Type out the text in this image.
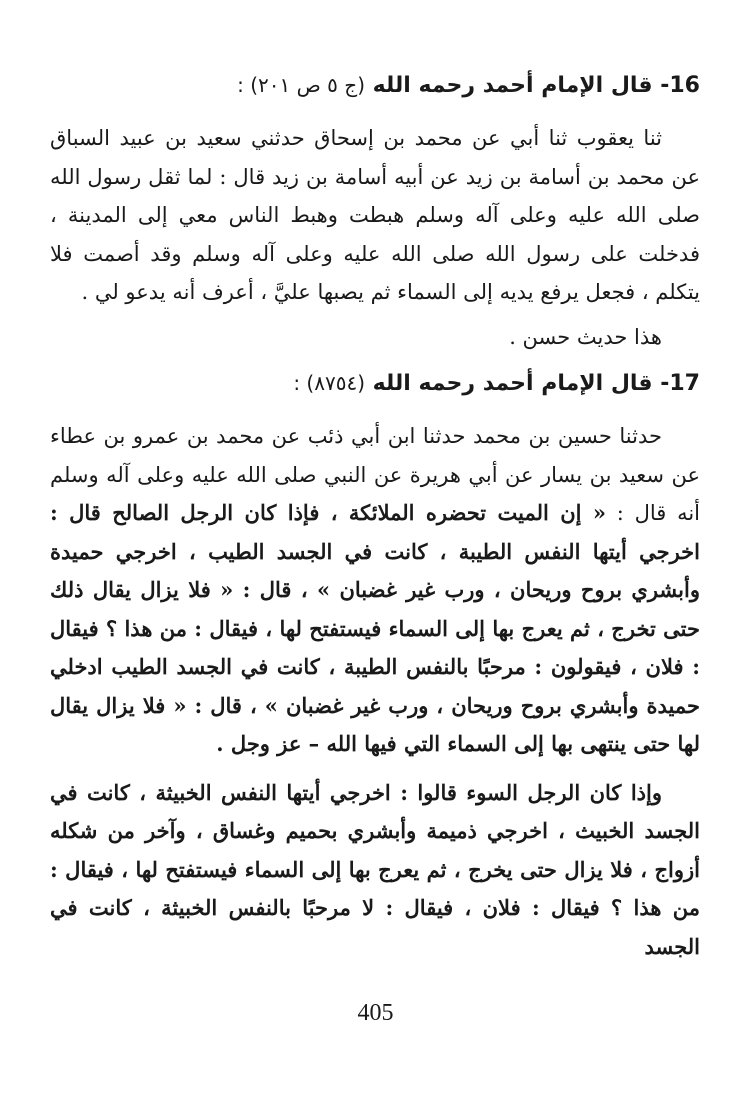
16- قال الإمام أحمد رحمه الله (ج ٥ ص ٢٠١) :

ثنا يعقوب ثنا أبي عن محمد بن إسحاق حدثني سعيد بن عبيد السباق عن محمد بن أسامة بن زيد عن أبيه أسامة بن زيد قال : لما ثقل رسول الله صلى الله عليه وعلى آله وسلم هبطت وهبط الناس معي إلى المدينة ، فدخلت على رسول الله صلى الله عليه وعلى آله وسلم وقد أصمت فلا يتكلم ، فجعل يرفع يديه إلى السماء ثم يصبها عليَّ ، أعرف أنه يدعو لي .

هذا حديث حسن .

17- قال الإمام أحمد رحمه الله (٨٧٥٤) :

حدثنا حسين بن محمد حدثنا ابن أبي ذئب عن محمد بن عمرو بن عطاء عن سعيد بن يسار عن أبي هريرة عن النبي صلى الله عليه وعلى آله وسلم أنه قال : « إن الميت تحضره الملائكة ، فإذا كان الرجل الصالح قال : اخرجي أيتها النفس الطيبة ، كانت في الجسد الطيب ، اخرجي حميدة وأبشري بروح وريحان ، ورب غير غضبان » ، قال : « فلا يزال يقال ذلك حتى تخرج ، ثم يعرج بها إلى السماء فيستفتح لها ، فيقال : من هذا ؟ فيقال : فلان ، فيقولون : مرحبًا بالنفس الطيبة ، كانت في الجسد الطيب ادخلي حميدة وأبشري بروح وريحان ، ورب غير غضبان » ، قال : « فلا يزال يقال لها حتى ينتهى بها إلى السماء التي فيها الله – عز وجل .

وإذا كان الرجل السوء قالوا : اخرجي أيتها النفس الخبيثة ، كانت في الجسد الخبيث ، اخرجي ذميمة وأبشري بحميم وغساق ، وآخر من شكله أزواج ، فلا يزال حتى يخرج ، ثم يعرج بها إلى السماء فيستفتح لها ، فيقال : من هذا ؟ فيقال : فلان ، فيقال : لا مرحبًا بالنفس الخبيثة ، كانت في الجسد

405
